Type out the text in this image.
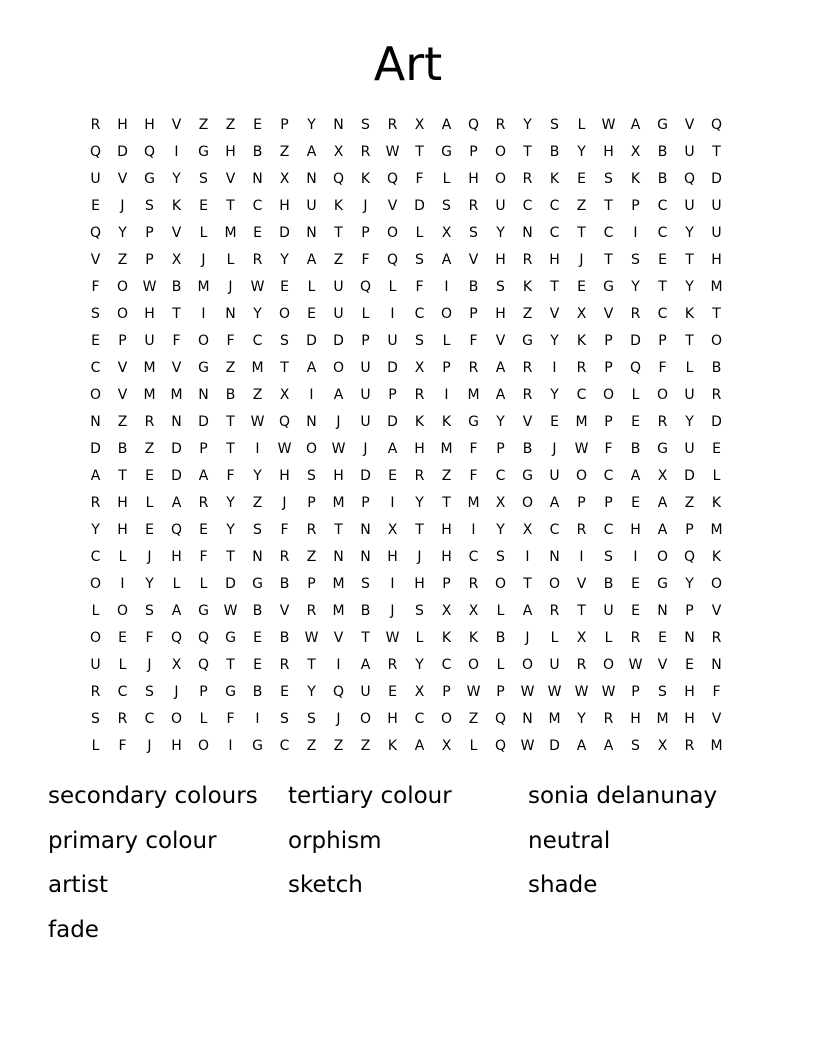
Art
R	H	H	V	Z	Z	E	P	Y	N	S	R	X	A	Q	R	Y	S	L	W	A	G	V	Q
Q	D	Q	I	G	H	B	Z	A	X	R	W	T	G	P	O	T	B	Y	H	X	B	U	T
U	V	G	Y	S	V	N	X	N	Q	K	Q	F	L	H	O	R	K	E	S	K	B	Q	D
E	J	S	K	E	T	C	H	U	K	J	V	D	S	R	U	C	C	Z	T	P	C	U	U
Q	Y	P	V	L	M	E	D	N	T	P	O	L	X	S	Y	N	C	T	C	I	C	Y	U
V	Z	P	X	J	L	R	Y	A	Z	F	Q	S	A	V	H	R	H	J	T	S	E	T	H
F	O	W	B	M	J	W	E	L	U	Q	L	F	I	B	S	K	T	E	G	Y	T	Y	M
S	O	H	T	I	N	Y	O	E	U	L	I	C	O	P	H	Z	V	X	V	R	C	K	T
E	P	U	F	O	F	C	S	D	D	P	U	S	L	F	V	G	Y	K	P	D	P	T	O
C	V	M	V	G	Z	M	T	A	O	U	D	X	P	R	A	R	I	R	P	Q	F	L	B
O	V	M	M	N	B	Z	X	I	A	U	P	R	I	M	A	R	Y	C	O	L	O	U	R
N	Z	R	N	D	T	W	Q	N	J	U	D	K	K	G	Y	V	E	M	P	E	R	Y	D
D	B	Z	D	P	T	I	W	O	W	J	A	H	M	F	P	B	J	W	F	B	G	U	E
A	T	E	D	A	F	Y	H	S	H	D	E	R	Z	F	C	G	U	O	C	A	X	D	L
R	H	L	A	R	Y	Z	J	P	M	P	I	Y	T	M	X	O	A	P	P	E	A	Z	K
Y	H	E	Q	E	Y	S	F	R	T	N	X	T	H	I	Y	X	C	R	C	H	A	P	M
C	L	J	H	F	T	N	R	Z	N	N	H	J	H	C	S	I	N	I	S	I	O	Q	K
O	I	Y	L	L	D	G	B	P	M	S	I	H	P	R	O	T	O	V	B	E	G	Y	O
L	O	S	A	G	W	B	V	R	M	B	J	S	X	X	L	A	R	T	U	E	N	P	V
O	E	F	Q	Q	G	E	B	W	V	T	W	L	K	K	B	J	L	X	L	R	E	N	R
U	L	J	X	Q	T	E	R	T	I	A	R	Y	C	O	L	O	U	R	O	W	V	E	N
R	C	S	J	P	G	B	E	Y	Q	U	E	X	P	W	P	W W W W	P	S	H	F
S	R	C	O	L	F	I	S	S	J	O	H	C	O	Z	Q	N	M	Y	R	H	M	H	V
L	F	J	H	O	I	G	C	Z	Z	Z	K	A	X	L	Q	W	D	A	A	S	X	R	M
secondary colours	tertiary colour	sonia delanunay
primary colour	orphism	neutral
artist	sketch	shade
fade
